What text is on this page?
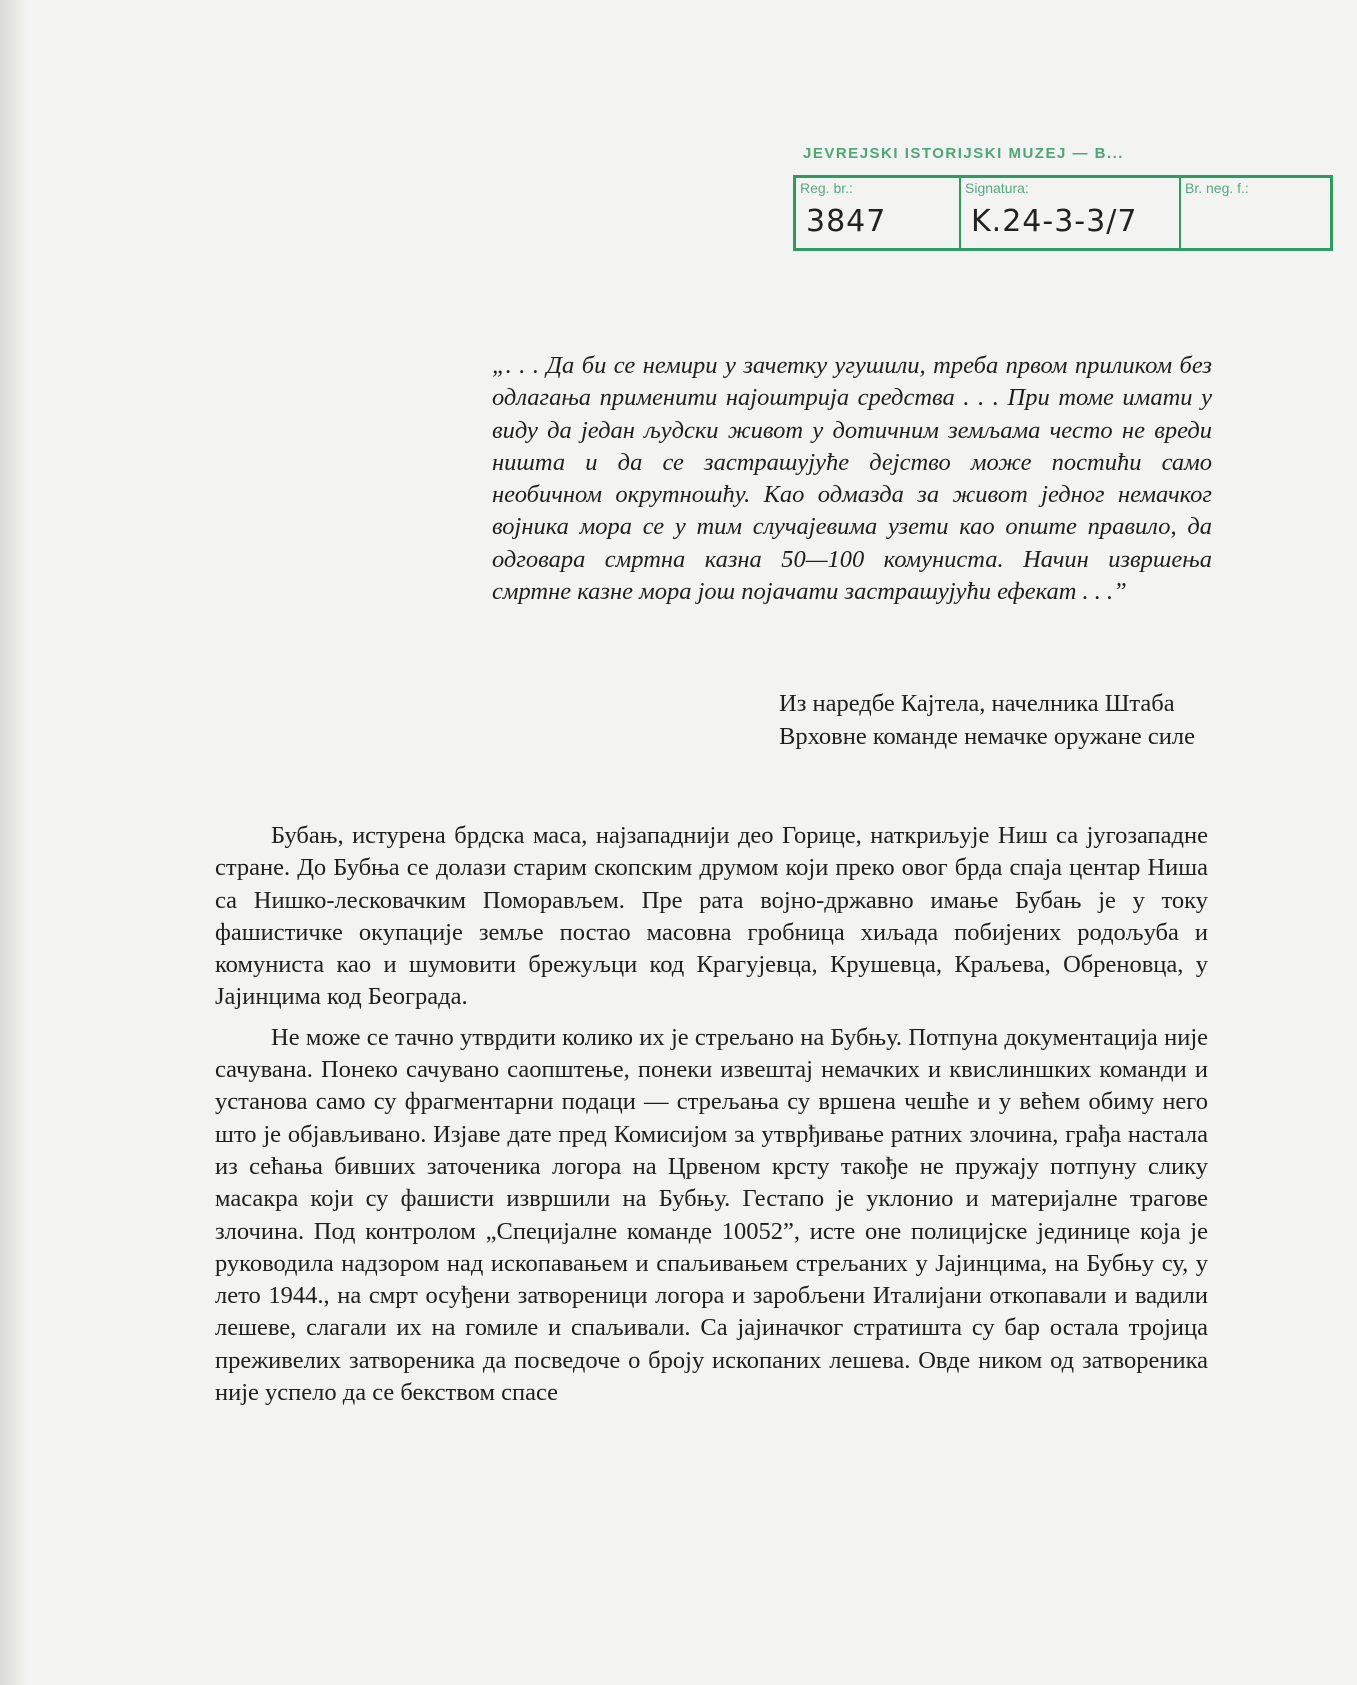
JEVREJSKI ISTORIJSKI MUZEJ — B...
Reg. br.:
3847
Signatura:
K.24-3-3/7
Br. neg. f.:

„. . . Да би се немири у зачетку угушили, треба првом приликом без одлагања применити најоштрија средства . . . При томе имати у виду да један људски живот у дотичним земљама често не вреди ништа и да се застрашујуће дејство може постићи само необичном окрутношћу. Као одмазда за живот једног немачког војника мора се у тим случајевима узети као опште правило, да одговара смртна казна 50—100 комуниста. Начин извршења смртне казне мора још појачати застрашујући ефекат . . .”

Из наредбе Кајтела, начелника Штаба Врховне команде немачке оружане силе

Бубањ, истурена брдска маса, најзападнији део Горице, наткриљује Ниш са југозападне стране. До Бубња се долази старим скопским друмом који преко овог брда спаја центар Ниша са Нишко-лесковачким Поморављем. Пре рата војно-државно имање Бубањ је у току фашистичке окупације земље постао масовна гробница хиљада побијених родољуба и комуниста као и шумовити брежуљци код Крагујевца, Крушевца, Краљева, Обреновца, у Јајинцима код Београда.

Не може се тачно утврдити колико их је стрељано на Бубњу. Потпуна документација није сачувана. Понеко сачувано саопштење, понеки извештај немачких и квислиншких команди и установа само су фрагментарни подаци — стрељања су вршена чешће и у већем обиму него што је објављивано. Изјаве дате пред Комисијом за утврђивање ратних злочина, грађа настала из сећања бивших заточеника логора на Црвеном крсту такође не пружају потпуну слику масакра који су фашисти извршили на Бубњу. Гестапо је уклонио и материјалне трагове злочина. Под контролом „Специјалне команде 10052”, исте оне полицијске јединице која је руководила надзором над ископавањем и спаљивањем стрељаних у Јајинцима, на Бубњу су, у лето 1944., на смрт осуђени затвореници логора и заробљени Италијани откопавали и вадили лешеве, слагали их на гомиле и спаљивали. Са јајиначког стратишта су бар остала тројица преживелих затвореника да посведоче о броју ископаних лешева. Овде ником од затвореника није успело да се бекством спасе
